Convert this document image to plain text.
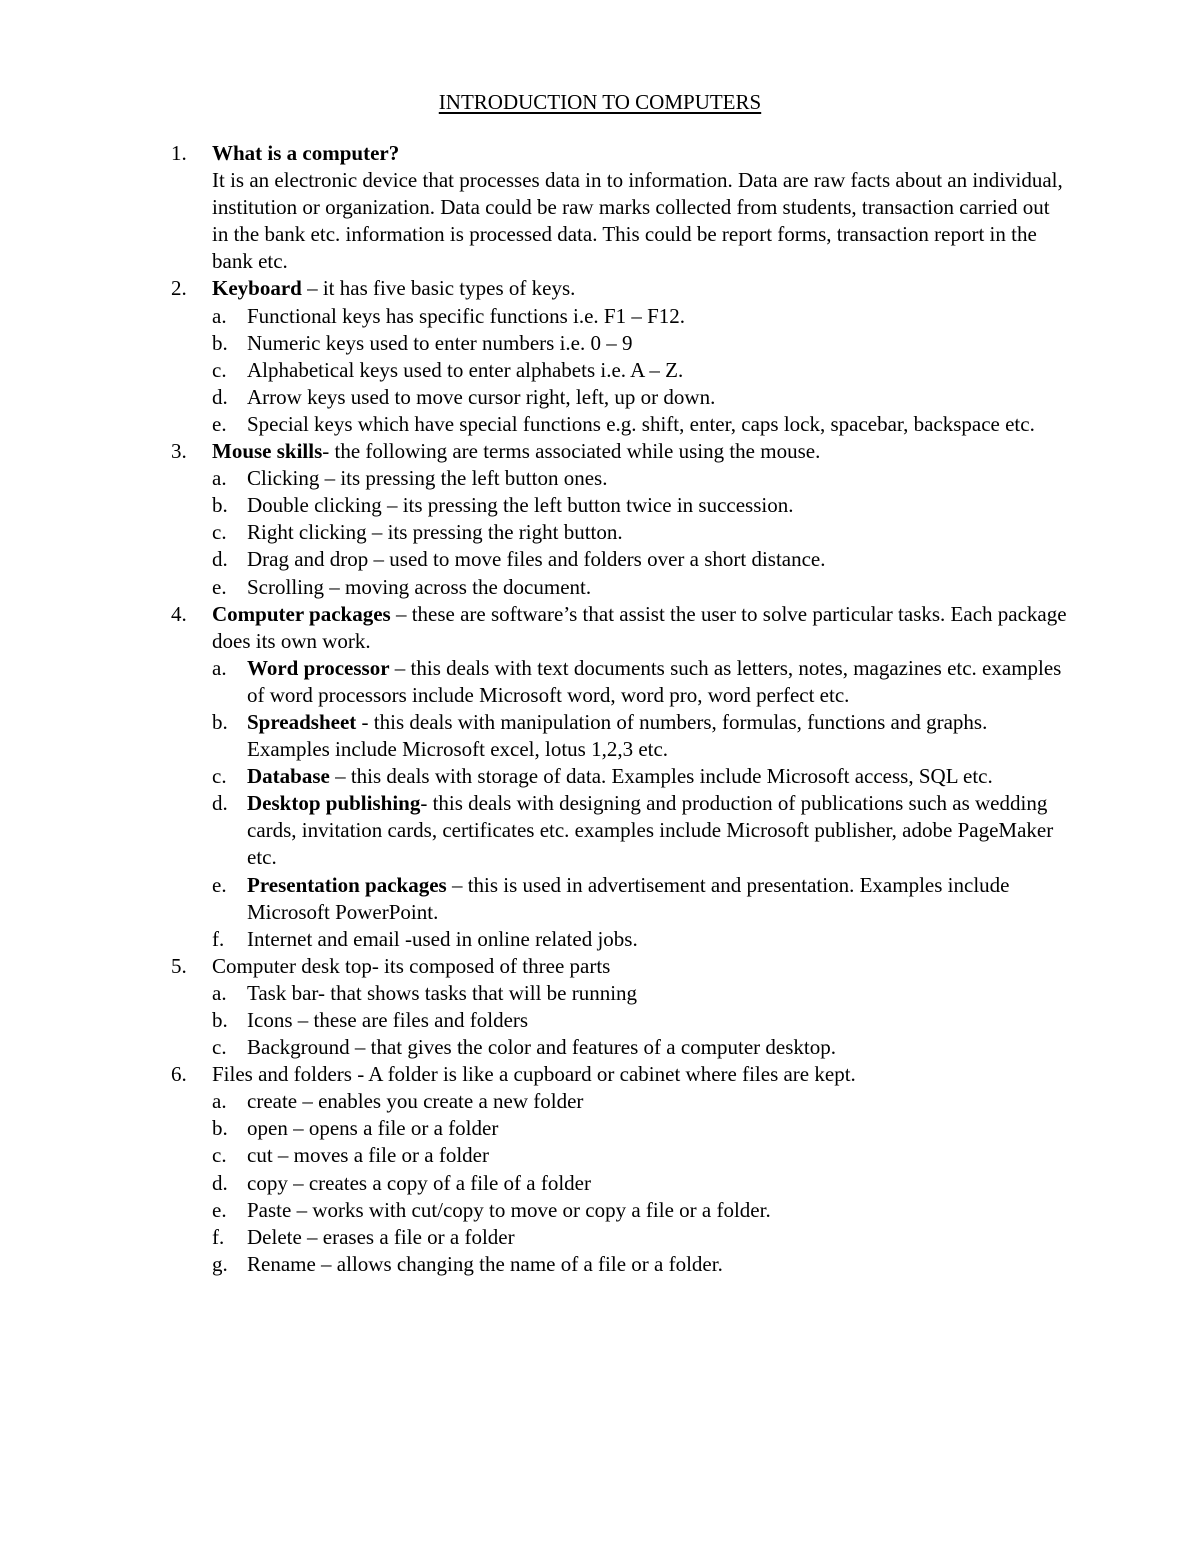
INTRODUCTION TO COMPUTERS
1.	What is a computer?
It is an electronic device that processes data in to information. Data are raw facts about an individual, institution or organization. Data could be raw marks collected from students, transaction carried out in the bank etc. information is processed data. This could be report forms, transaction report in the bank etc.
2.	Keyboard – it has five basic types of keys.
a. Functional keys has specific functions i.e. F1 – F12.
b. Numeric keys used to enter numbers i.e. 0 – 9
c. Alphabetical keys used to enter alphabets i.e. A – Z.
d. Arrow keys used to move cursor right, left, up or down.
e. Special keys which have special functions e.g. shift, enter, caps lock, spacebar, backspace etc.
3.	Mouse skills- the following are terms associated while using the mouse.
a. Clicking – its pressing the left button ones.
b. Double clicking – its pressing the left button twice in succession.
c. Right clicking – its pressing the right button.
d. Drag and drop – used to move files and folders over a short distance.
e. Scrolling – moving across the document.
4.	Computer packages – these are software’s that assist the user to solve particular tasks. Each package does its own work.
a. Word processor – this deals with text documents such as letters, notes, magazines etc. examples of word processors include Microsoft word, word pro, word perfect etc.
b. Spreadsheet - this deals with manipulation of numbers, formulas, functions and graphs. Examples include Microsoft excel, lotus 1,2,3 etc.
c. Database – this deals with storage of data. Examples include Microsoft access, SQL etc.
d. Desktop publishing- this deals with designing and production of publications such as wedding cards, invitation cards, certificates etc. examples include Microsoft publisher, adobe PageMaker etc.
e. Presentation packages – this is used in advertisement and presentation. Examples include Microsoft PowerPoint.
f.	Internet and email -used in online related jobs.
5.	Computer desk top- its composed of three parts
a. Task bar- that shows tasks that will be running
b. Icons – these are files and folders
c. Background – that gives the color and features of a computer desktop.
6.	Files and folders - A folder is like a cupboard or cabinet where files are kept.
a. create – enables you create a new folder
b. open – opens a file or a folder
c. cut – moves a file or a folder
d. copy – creates a copy of a file of a folder
e. Paste – works with cut/copy to move or copy a file or a folder.
f.	Delete – erases a file or a folder
g. Rename – allows changing the name of a file or a folder.
